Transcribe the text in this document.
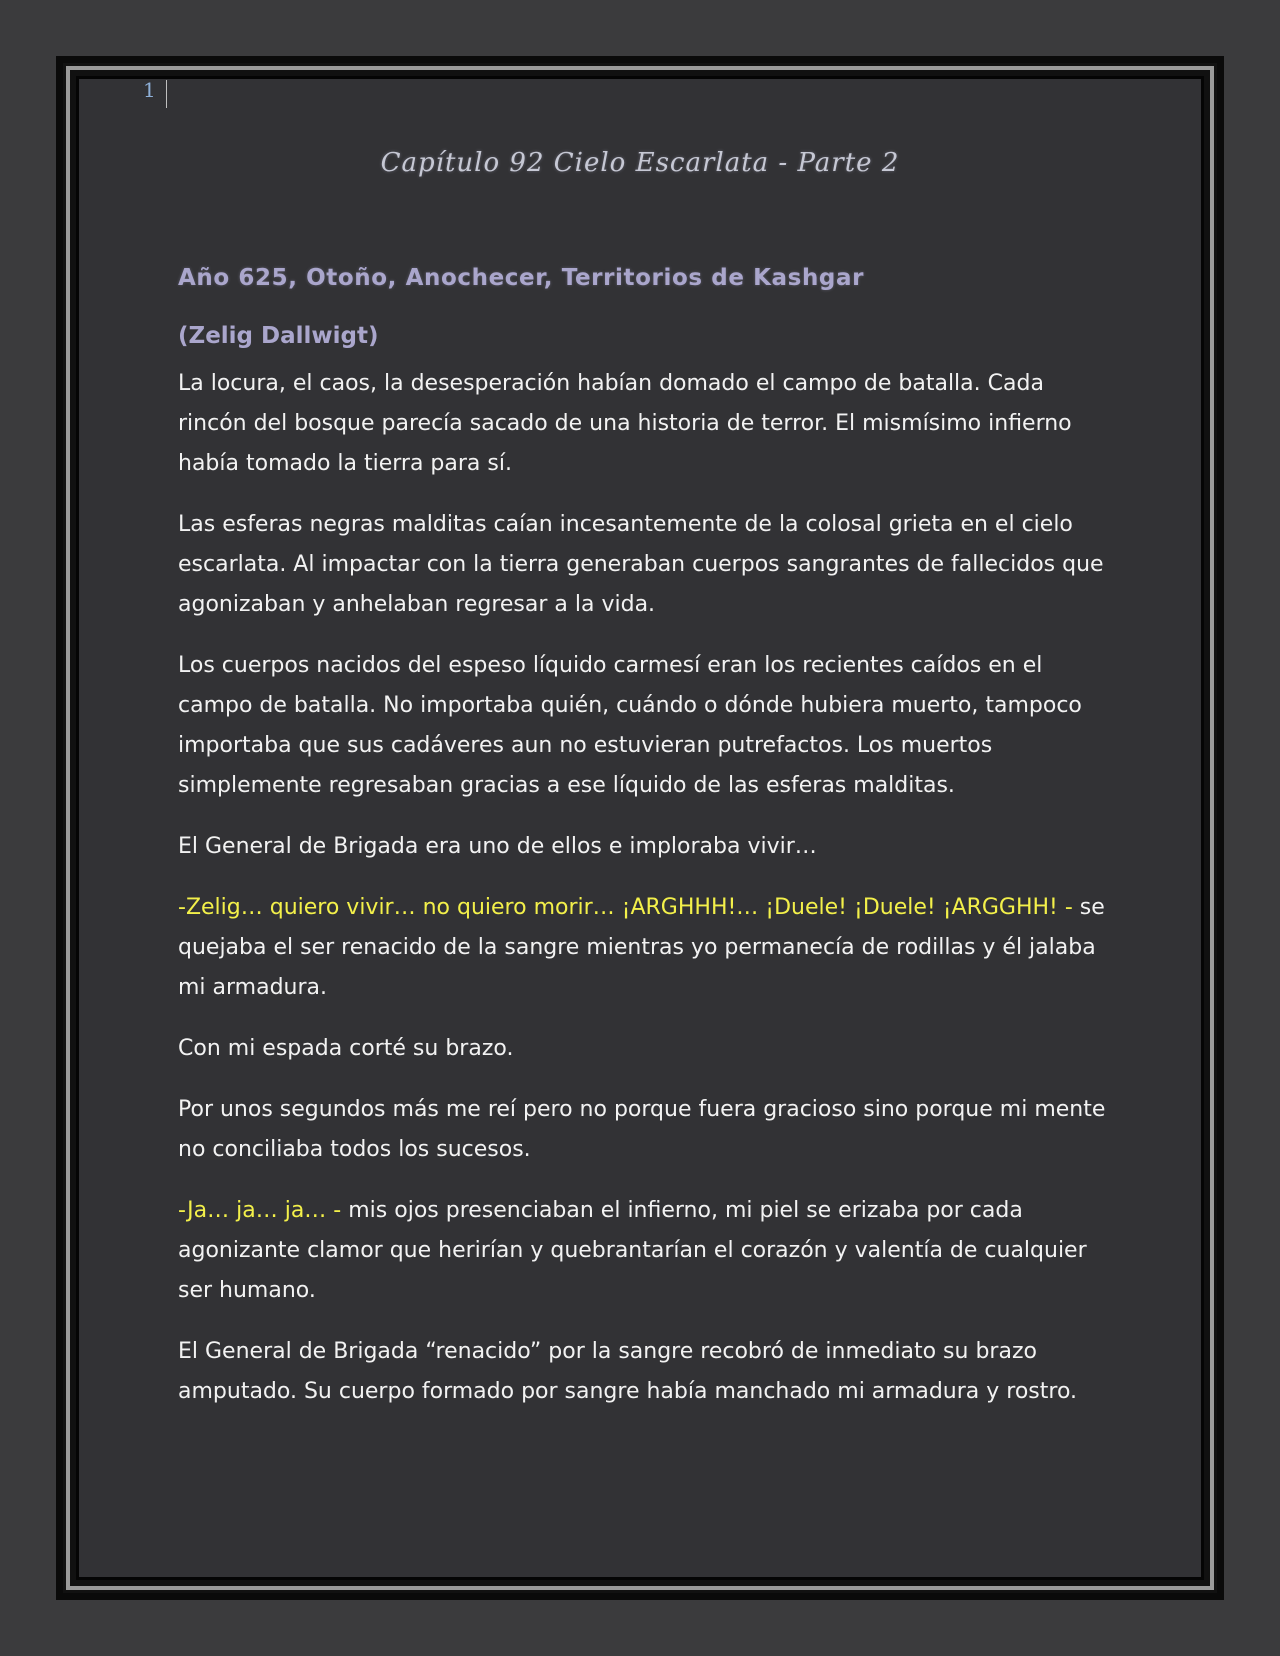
1
Capítulo 92 Cielo Escarlata - Parte 2
Año 625, Otoño, Anochecer, Territorios de Kashgar
(Zelig Dallwigt)

La locura, el caos, la desesperación habían domado el campo de batalla. Cada rincón del bosque parecía sacado de una historia de terror. El mismísimo infierno había tomado la tierra para sí.

Las esferas negras malditas caían incesantemente de la colosal grieta en el cielo escarlata. Al impactar con la tierra generaban cuerpos sangrantes de fallecidos que agonizaban y anhelaban regresar a la vida.

Los cuerpos nacidos del espeso líquido carmesí eran los recientes caídos en el campo de batalla. No importaba quién, cuándo o dónde hubiera muerto, tampoco importaba que sus cadáveres aun no estuvieran putrefactos. Los muertos simplemente regresaban gracias a ese líquido de las esferas malditas.

El General de Brigada era uno de ellos e imploraba vivir…

-Zelig… quiero vivir… no quiero morir… ¡ARGHHH!… ¡Duele! ¡Duele! ¡ARGGHH! - se quejaba el ser renacido de la sangre mientras yo permanecía de rodillas y él jalaba mi armadura.

Con mi espada corté su brazo.

Por unos segundos más me reí pero no porque fuera gracioso sino porque mi mente no conciliaba todos los sucesos.

-Ja… ja… ja… - mis ojos presenciaban el infierno, mi piel se erizaba por cada agonizante clamor que herirían y quebrantarían el corazón y valentía de cualquier ser humano.

El General de Brigada “renacido” por la sangre recobró de inmediato su brazo amputado. Su cuerpo formado por sangre había manchado mi armadura y rostro.
